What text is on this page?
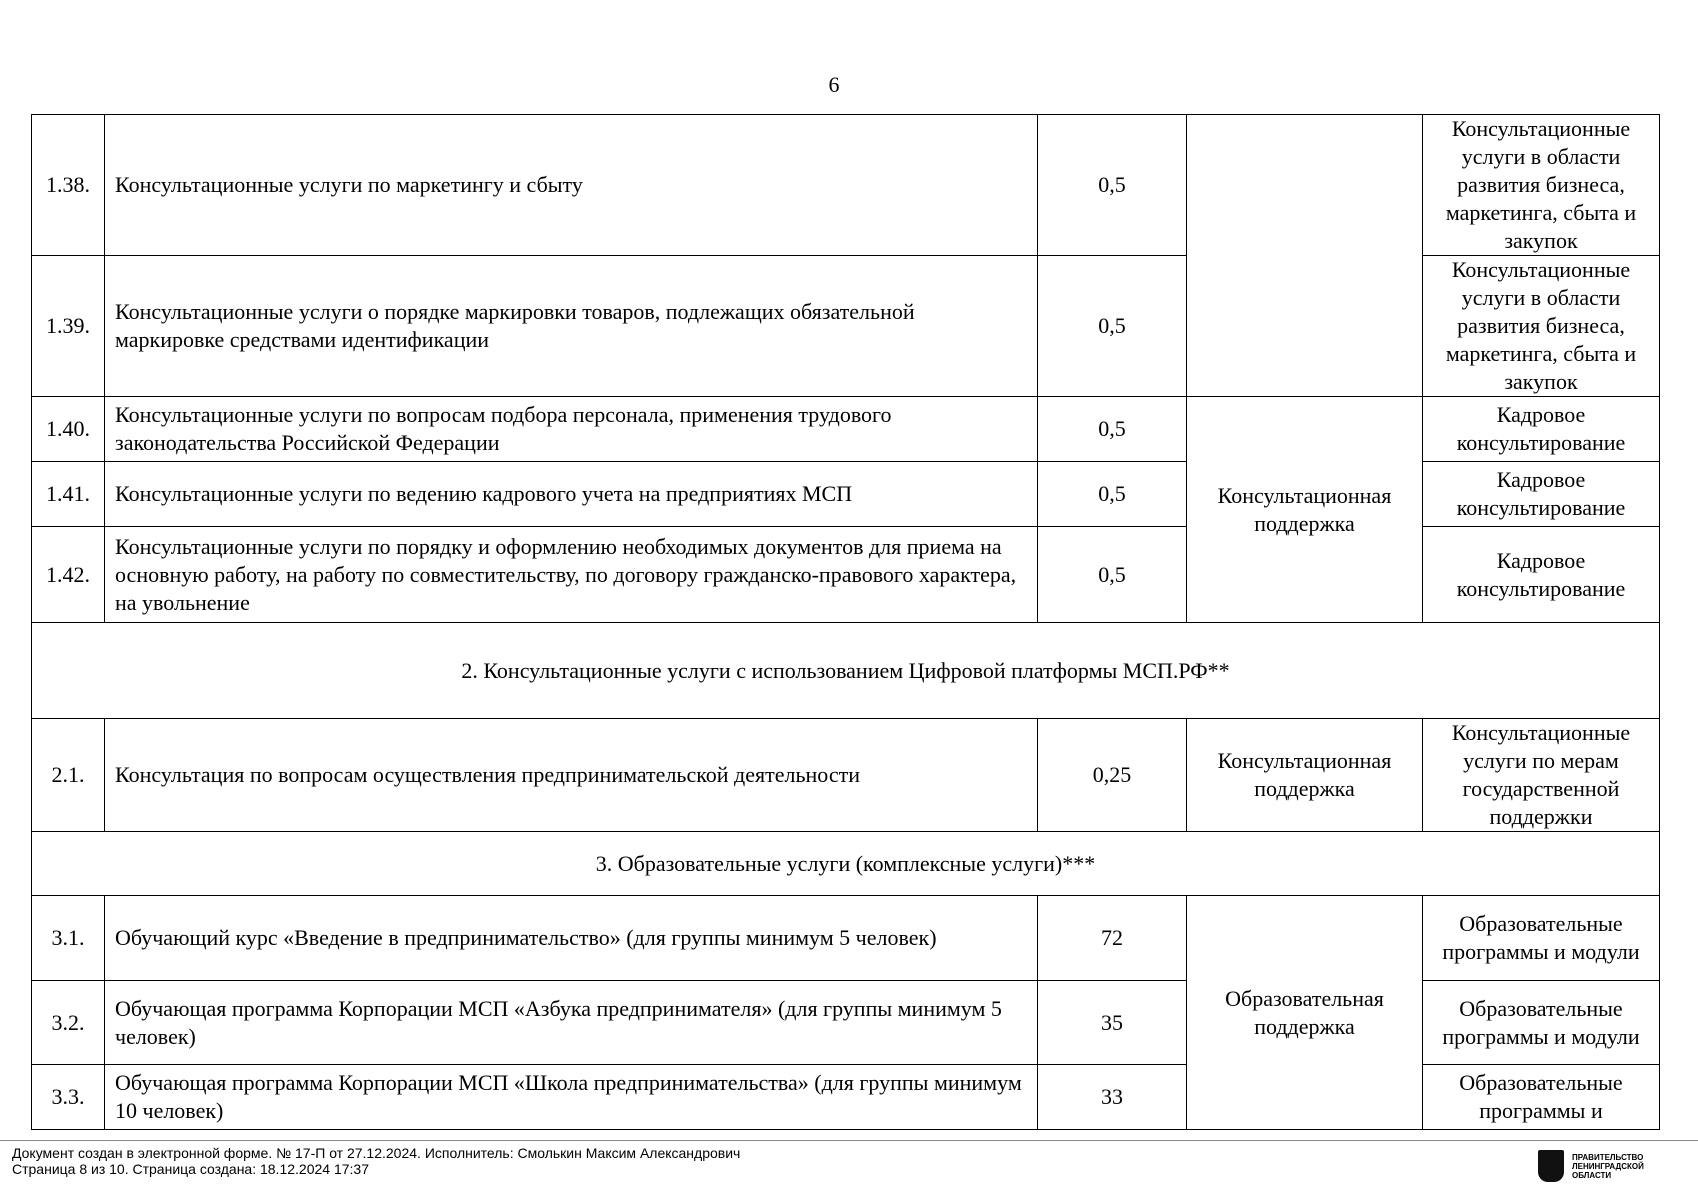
6
1.38.	Консультационные услуги по маркетингу и сбыту	0,5		Консультационные услуги в области развития бизнеса, маркетинга, сбыта и закупок
1.39.	Консультационные услуги о порядке маркировки товаров, подлежащих обязательной маркировке средствами идентификации	0,5		Консультационные услуги в области развития бизнеса, маркетинга, сбыта и закупок
1.40.	Консультационные услуги по вопросам подбора персонала, применения трудового законодательства Российской Федерации	0,5	Консультационная поддержка	Кадровое консультирование
1.41.	Консультационные услуги по ведению кадрового учета на предприятиях МСП	0,5		Кадровое консультирование
1.42.	Консультационные услуги по порядку и оформлению необходимых документов для приема на основную работу, на работу по совместительству, по договору гражданско-правового характера, на увольнение	0,5		Кадровое консультирование
2. Консультационные услуги с использованием Цифровой платформы МСП.РФ**				
2.1.	Консультация по вопросам осуществления предпринимательской деятельности	0,25	Консультационная поддержка	Консультационные услуги по мерам государственной поддержки
3. Образовательные услуги (комплексные услуги)***				
3.1.	Обучающий курс «Введение в предпринимательство» (для группы минимум 5 человек)	72	Образовательная поддержка	Образовательные программы и модули
3.2.	Обучающая программа Корпорации МСП «Азбука предпринимателя» (для группы минимум 5 человек)	35		Образовательные программы и модули
3.3.	Обучающая программа Корпорации МСП «Школа предпринимательства» (для группы минимум 10 человек)	33		Образовательные программы и
Документ создан в электронной форме. № 17-П от 27.12.2024. Исполнитель: Смолькин Максим Александрович
Страница 8 из 10. Страница создана: 18.12.2024 17:37
ПРАВИТЕЛЬСТВО ЛЕНИНГРАДСКОЙ ОБЛАСТИ
